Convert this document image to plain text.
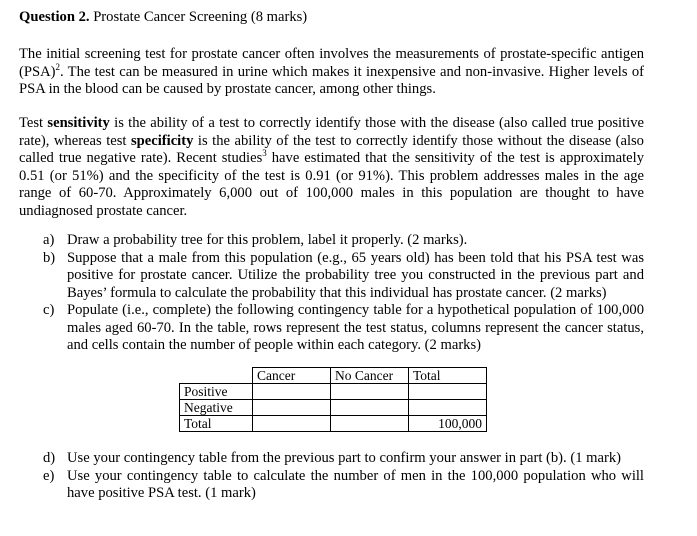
Question 2. Prostate Cancer Screening (8 marks)
The initial screening test for prostate cancer often involves the measurements of prostate-specific antigen (PSA)$^2$. The test can be measured in urine which makes it inexpensive and non-invasive. Higher levels of PSA in the blood can be caused by prostate cancer, among other things.
Test sensitivity is the ability of a test to correctly identify those with the disease (also called true positive rate), whereas test specificity is the ability of the test to correctly identify those without the disease (also called true negative rate). Recent studies$^3$ have estimated that the sensitivity of the test is approximately 0.51 (or 51%) and the specificity of the test is 0.91 (or 91%). This problem addresses males in the age range of 60-70. Approximately 6,000 out of 100,000 males in this population are thought to have undiagnosed prostate cancer.
a) Draw a probability tree for this problem, label it properly. (2 marks).
b) Suppose that a male from this population (e.g., 65 years old) has been told that his PSA test was positive for prostate cancer. Utilize the probability tree you constructed in the previous part and Bayes’ formula to calculate the probability that this individual has prostate cancer. (2 marks)
c) Populate (i.e., complete) the following contingency table for a hypothetical population of 100,000 males aged 60-70. In the table, rows represent the test status, columns represent the cancer status, and cells contain the number of people within each category. (2 marks)
	Cancer	No Cancer	Total
Positive			
Negative			
Total			100,000
d) Use your contingency table from the previous part to confirm your answer in part (b). (1 mark)
e) Use your contingency table to calculate the number of men in the 100,000 population who will have positive PSA test. (1 mark)
